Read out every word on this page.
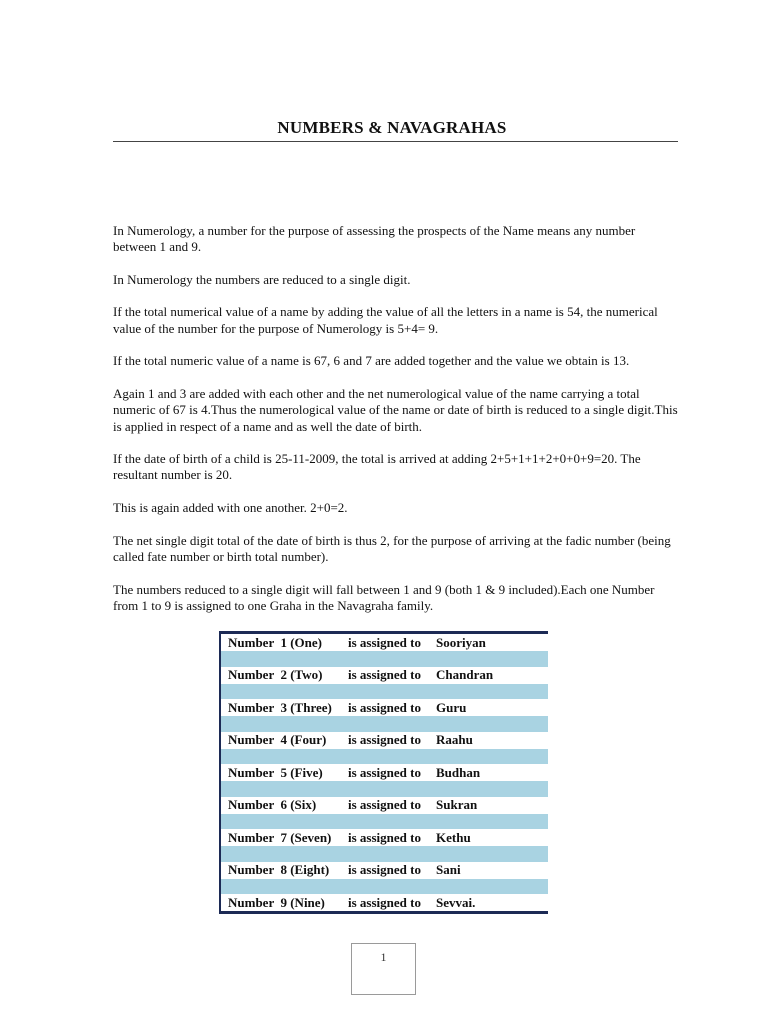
NUMBERS & NAVAGRAHAS

In Numerology, a number for the purpose of assessing the prospects of the Name means any number between 1 and 9.

In Numerology the numbers are reduced to a single digit.

If the total numerical value of a name by adding the value of all the letters in a name is 54, the numerical value of the number for the purpose of Numerology is 5+4= 9.

If the total numeric value of a name is 67, 6 and 7 are added together and the value we obtain is 13.

Again 1 and 3 are added with each other and the net numerological value of the name carrying a total numeric of 67 is 4.Thus the numerological value of the name or date of birth is reduced to a single digit.This is applied in respect of a name and as well the date of birth.

If the date of birth of a child is 25-11-2009, the total is arrived at adding 2+5+1+1+2+0+0+9=20. The resultant number is 20.

This is again added with one another. 2+0=2.

The net single digit total of the date of birth is thus 2, for the purpose of arriving at the fadic number (being called fate number or birth total number).

The numbers reduced to a single digit will fall between 1 and 9 (both 1 & 9 included).Each one Number from 1 to 9 is assigned to one Graha in the Navagraha family.

Number  1 (One)	is assigned to	Sooriyan
Number  2 (Two)	is assigned to	Chandran
Number  3 (Three)	is assigned to	Guru
Number  4 (Four)	is assigned to	Raahu
Number  5 (Five)	is assigned to	Budhan
Number  6 (Six)	is assigned to	Sukran
Number  7 (Seven)	is assigned to	Kethu
Number  8 (Eight)	is assigned to	Sani
Number  9 (Nine)	is assigned to	Sevvai.
1
